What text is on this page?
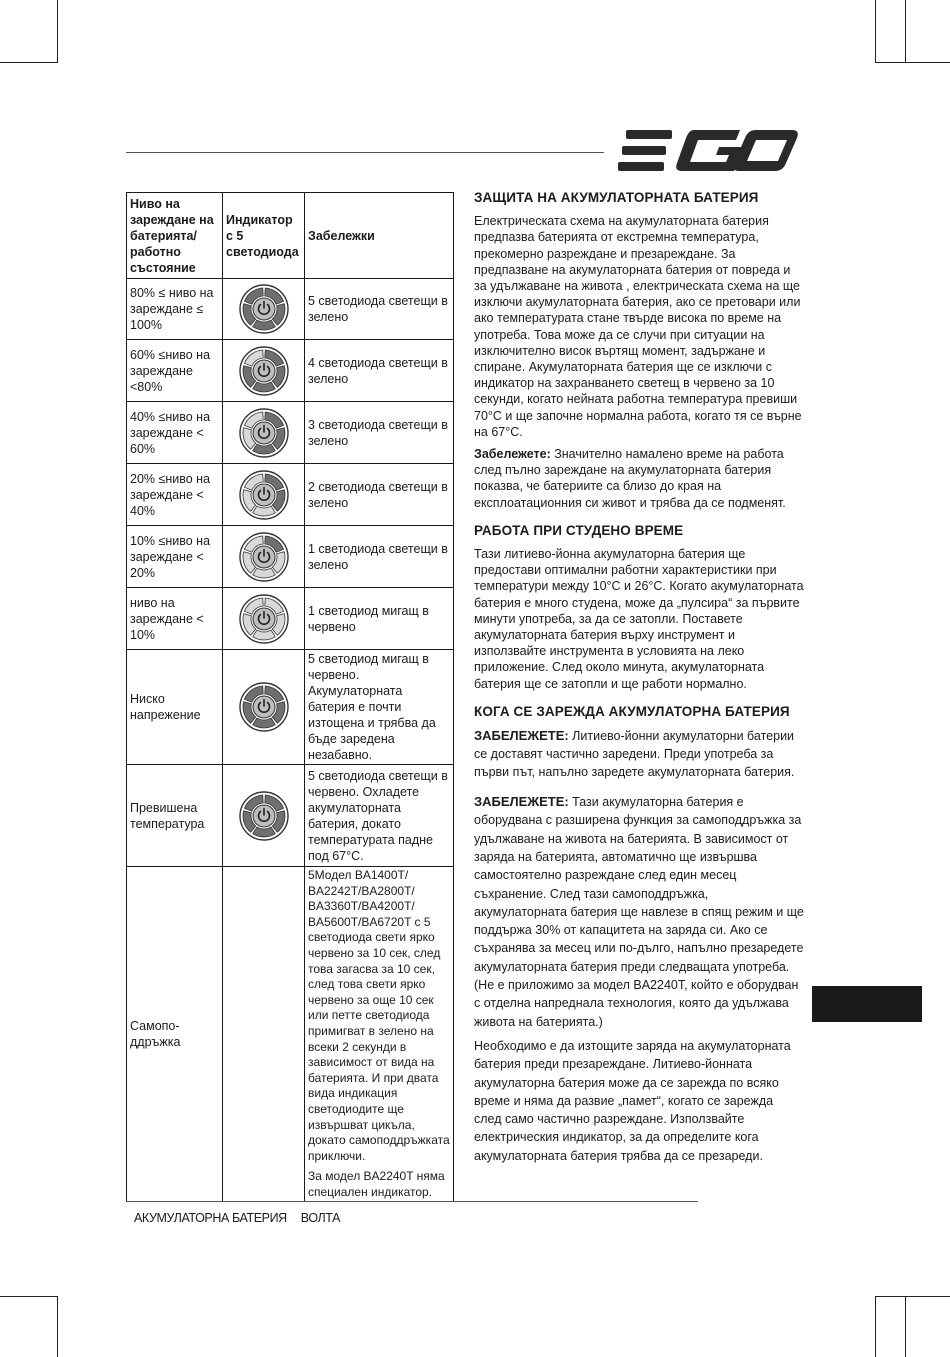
Ниво на зареждане на батерията/ работно състояние	Индикатор с 5 светодиода	Забележки
80% ≤ ниво на зареждане ≤ 100%		5 светодиода светещи в зелено
60% ≤ниво на зареждане <80%		4 светодиода светещи в зелено
40% ≤ниво на зареждане < 60%		3 светодиода светещи в зелено
20% ≤ниво на зареждане < 40%		2 светодиода светещи в зелено
10% ≤ниво на зареждане < 20%		1 светодиода светещи в зелено
ниво на зареждане < 10%		1 светодиод мигащ в червено
Ниско напрежение		5 светодиод мигащ в червено. Акумулаторната батерия е почти изтощена и трябва да бъде заредена незабавно.
Превишена температура		5 светодиода светещи в червено. Охладете акумулаторната батерия, докато температурата падне под 67°C.
Самопо-ддръжка		5Модел BA1400T/ BA2242T/BA2800T/ BA3360T/BA4200T/ BA5600T/BA6720T с 5 светодиода свети ярко червено за 10 сек, след това загасва за 10 сек, след това свети ярко червено за още 10 сек или петте светодиода примигват в зелено на всеки 2 секунди в зависимост от вида на батерията. И при двата вида индикация светодиодите ще извършват цикъла, докато самоподдръжката приключи.
За модел BA2240T няма специален индикатор.
ЗАЩИТА НА АКУМУЛАТОРНАТА БАТЕРИЯ

Електрическата схема на акумулаторната батерия предпазва батерията от екстремна температура, прекомерно разреждане и презареждане. За предпазване на акумулаторната батерия от повреда и за удължаване на живота , електрическата схема на ще изключи акумулаторната батерия, ако се претовари или ако температурата стане твърде висока по време на употреба. Това може да се случи при ситуации на изключително висок въртящ момент, задържане и спиране. Акумулаторната батерия ще се изключи с индикатор на захранването светещ в червено за 10 секунди, когато нейната работна температура превиши 70°C и ще започне нормална работа, когато тя се върне на 67°C.

Забележете: Значително намалено време на работа след пълно зареждане на акумулаторната батерия показва, че батериите са близо до края на експлоатационния си живот и трябва да се подменят.

РАБОТА ПРИ СТУДЕНО ВРЕМЕ

Тази литиево-йонна акумулаторна батерия ще предостави оптимални работни характеристики при температури между 10°C и 26°C. Когато акумулаторната батерия е много студена, може да „пулсира“ за първите минути употреба, за да се затопли. Поставете акумулаторната батерия върху инструмент и използвайте инструмента в условията на леко приложение. След около минута, акумулаторната батерия ще се затопли и ще работи нормално.

КОГА СЕ ЗАРЕЖДА АКУМУЛАТОРНА БАТЕРИЯ

ЗАБЕЛЕЖЕТЕ: Литиево-йонни акумулаторни батерии се доставят частично заредени. Преди употреба за първи път, напълно заредете акумулаторната батерия.

ЗАБЕЛЕЖЕТЕ: Тази акумулаторна батерия е оборудвана с разширена функция за самоподдръжка за удължаване на живота на батерията. В зависимост от заряда на батерията, автоматично ще извършва самостоятелно разреждане след един месец съхранение. След тази самоподдръжка, акумулаторната батерия ще навлезе в спящ режим и ще поддържа 30% от капацитета на заряда си. Ако се съхранява за месец или по-дълго, напълно презаредете акумулаторната батерия преди следващата употреба. (Не е приложимо за модел BA2240T, който е оборудван с отделна напреднала технология, която да удължава живота на батерията.)

Необходимо е да изтощите заряда на акумулаторната батерия преди презареждане. Литиево-йонната акумулаторна батерия може да се зарежда по всяко време и няма да развие „памет“, когато се зарежда след само частично разреждане. Използвайте електрическия индикатор, за да определите кога акумулаторната батерия трябва да се презареди.

АКУМУЛАТОРНА БАТЕРИЯ ВОЛТА
